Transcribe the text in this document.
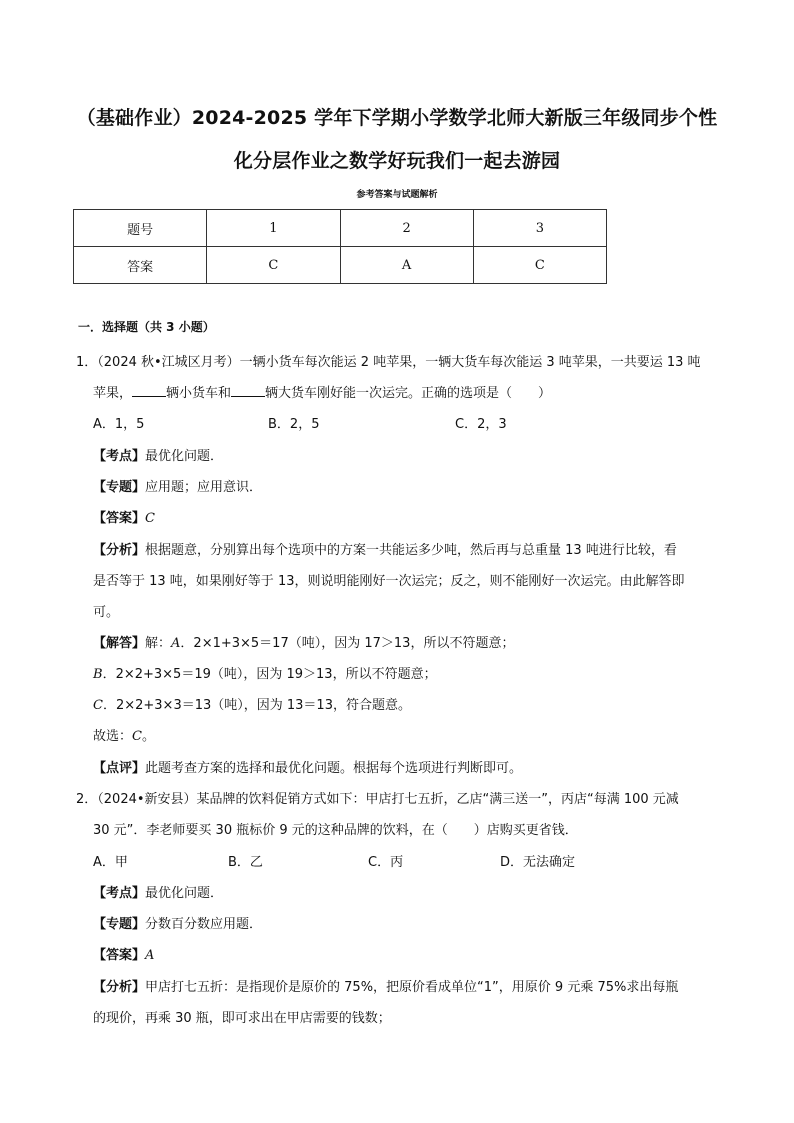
（基础作业）2024-2025 学年下学期小学数学北师大新版三年级同步个性
化分层作业之数学好玩我们一起去游园
参考答案与试题解析
题号	1	2	3
答案	C	A	C
一．选择题（共 3 小题）
1．（2024 秋•江城区月考）一辆小货车每次能运 2 吨苹果，一辆大货车每次能运 3 吨苹果，一共要运 13 吨
苹果，	辆小货车和	辆大货车刚好能一次运完。正确的选项是（　　）
A．1，5	B．2，5	C．2，3
【考点】最优化问题．
【专题】应用题；应用意识．
【答案】C
【分析】根据题意，分别算出每个选项中的方案一共能运多少吨，然后再与总重量 13 吨进行比较，看
是否等于 13 吨，如果刚好等于 13，则说明能刚好一次运完；反之，则不能刚好一次运完。由此解答即
可。
【解答】解：A．2×1+3×5＝17（吨），因为 17＞13，所以不符题意；
B．2×2+3×5＝19（吨），因为 19＞13，所以不符题意；
C．2×2+3×3＝13（吨），因为 13＝13，符合题意。
故选：C。
【点评】此题考查方案的选择和最优化问题。根据每个选项进行判断即可。
2．（2024•新安县）某品牌的饮料促销方式如下：甲店打七五折，乙店“满三送一”，丙店“每满 100 元减
30 元”．李老师要买 30 瓶标价 9 元的这种品牌的饮料，在（　　）店购买更省钱．
A．甲	B．乙	C．丙	D．无法确定
【考点】最优化问题．
【专题】分数百分数应用题．
【答案】A
【分析】甲店打七五折：是指现价是原价的 75%，把原价看成单位“1”，用原价 9 元乘 75%求出每瓶
的现价，再乘 30 瓶，即可求出在甲店需要的钱数；
